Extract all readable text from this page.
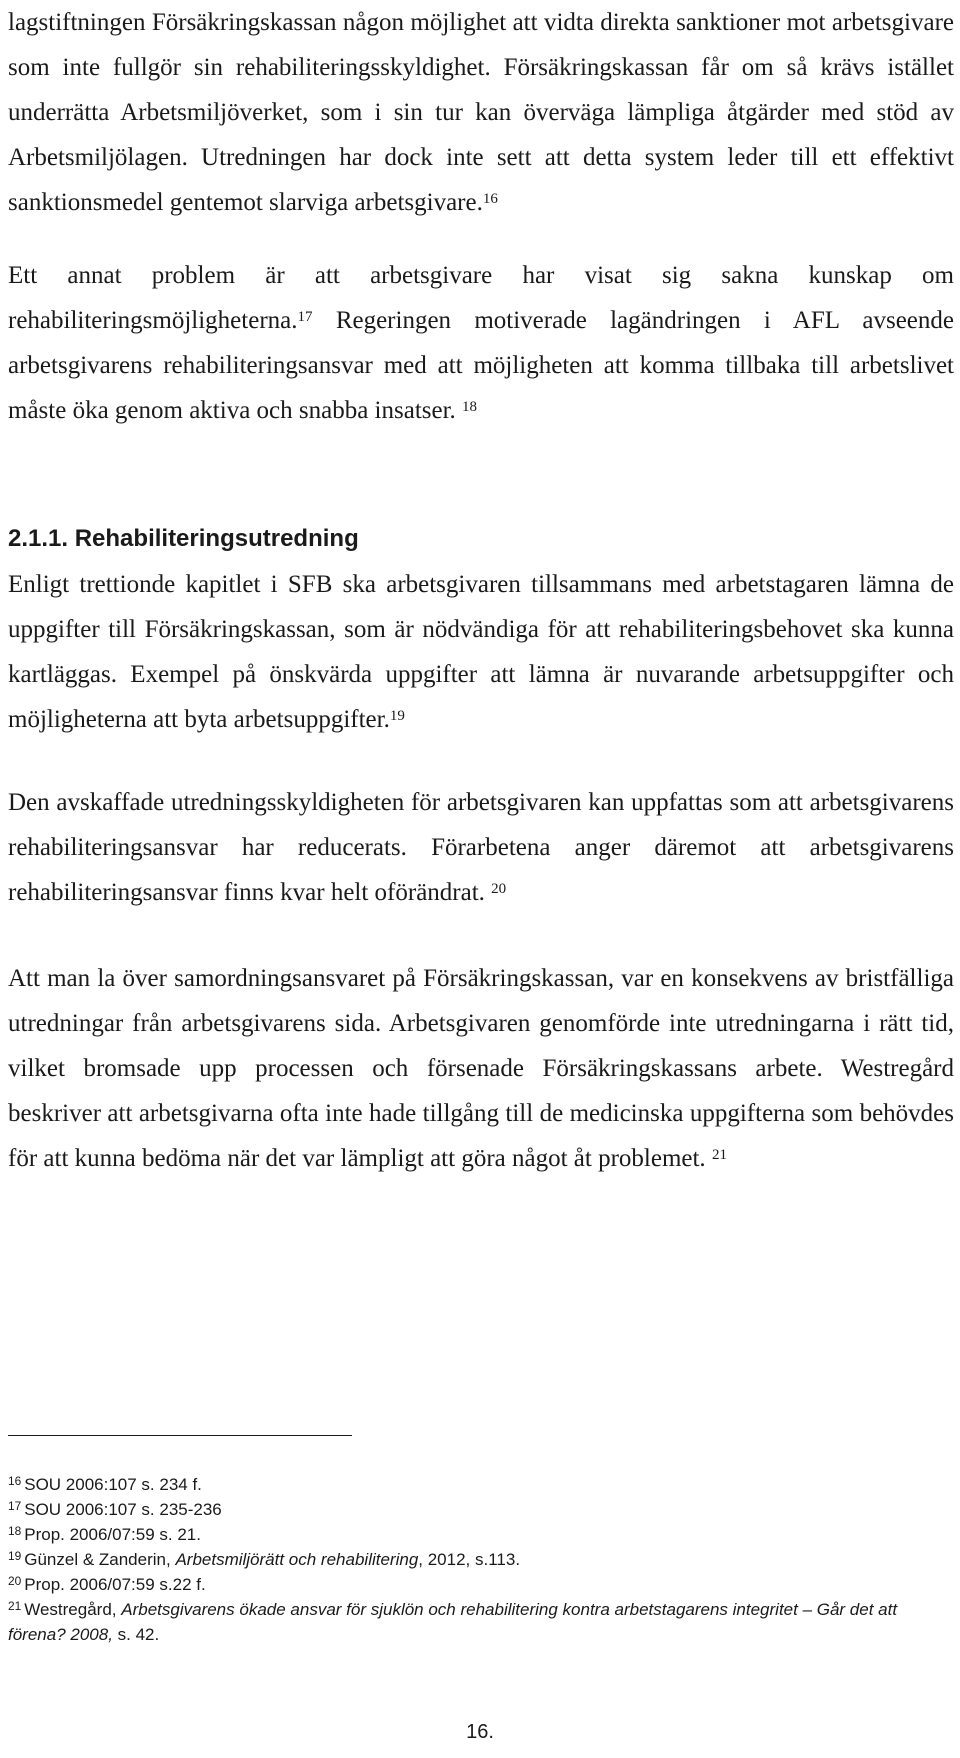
lagstiftningen Försäkringskassan någon möjlighet att vidta direkta sanktioner mot arbetsgivare som inte fullgör sin rehabiliteringsskyldighet. Försäkringskassan får om så krävs istället underrätta Arbetsmiljöverket, som i sin tur kan överväga lämpliga åtgärder med stöd av Arbetsmiljölagen. Utredningen har dock inte sett att detta system leder till ett effektivt sanktionsmedel gentemot slarviga arbetsgivare.$^{16}$

Ett annat problem är att arbetsgivare har visat sig sakna kunskap om rehabiliteringsmöjligheterna.$^{17}$ Regeringen motiverade lagändringen i AFL avseende arbetsgivarens rehabiliteringsansvar med att möjligheten att komma tillbaka till arbetslivet måste öka genom aktiva och snabba insatser. $^{18}$

2.1.1. Rehabiliteringsutredning

Enligt trettionde kapitlet i SFB ska arbetsgivaren tillsammans med arbetstagaren lämna de uppgifter till Försäkringskassan, som är nödvändiga för att rehabiliteringsbehovet ska kunna kartläggas. Exempel på önskvärda uppgifter att lämna är nuvarande arbetsuppgifter och möjligheterna att byta arbetsuppgifter.$^{19}$

Den avskaffade utredningsskyldigheten för arbetsgivaren kan uppfattas som att arbetsgivarens rehabiliteringsansvar har reducerats. Förarbetena anger däremot att arbetsgivarens rehabiliteringsansvar finns kvar helt oförändrat. $^{20}$

Att man la över samordningsansvaret på Försäkringskassan, var en konsekvens av bristfälliga utredningar från arbetsgivarens sida. Arbetsgivaren genomförde inte utredningarna i rätt tid, vilket bromsade upp processen och försenade Försäkringskassans arbete. Westregård beskriver att arbetsgivarna ofta inte hade tillgång till de medicinska uppgifterna som behövdes för att kunna bedöma när det var lämpligt att göra något åt problemet. $^{21}$

$^{16}$ SOU 2006:107 s. 234 f.

$^{17}$ SOU 2006:107 s. 235-236

$^{18}$ Prop. 2006/07:59 s. 21.

$^{19}$ Günzel & Zanderin, Arbetsmiljörätt och rehabilitering, 2012, s.113.

$^{20}$ Prop. 2006/07:59 s.22 f.

$^{21}$ Westregård, Arbetsgivarens ökade ansvar för sjuklön och rehabilitering kontra arbetstagarens integritet – Går det att förena? 2008, s. 42.

16.
